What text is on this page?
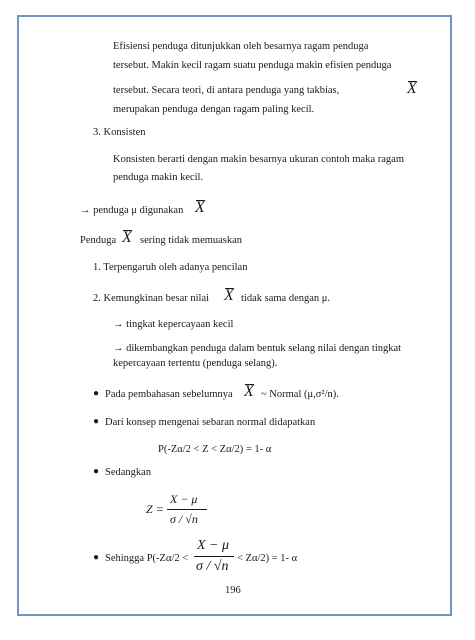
Efisiensi penduga ditunjukkan oleh besarnya ragam penduga
tersebut. Makin kecil ragam suatu penduga makin efisien penduga
tersebut. Secara teori, di antara penduga yang takbias,	X
merupakan penduga dengan ragam paling kecil.
3. Konsisten
Konsisten berarti dengan makin besarnya ukuran contoh maka ragam
penduga makin kecil.
→ penduga μ digunakan X
Penduga X sering tidak memuaskan
1. Terpengaruh oleh adanya pencilan
2. Kemungkinan besar nilai X tidak sama dengan μ.
→ tingkat kepercayaan kecil
→ dikembangkan penduga dalam bentuk selang nilai dengan tingkat
kepercayaan tertentu (penduga selang).
● Pada pembahasan sebelumnya X ~ Normal (μ,σ²/n).
● Dari konsep mengenai sebaran normal didapatkan
P(-Zα/2 < Z < Zα/2) = 1- α
● Sedangkan
Z =
X − μ
σ / √n
● Sehingga P(-Zα/2 <
X − μ
σ / √n
< Zα/2) = 1- α
196
